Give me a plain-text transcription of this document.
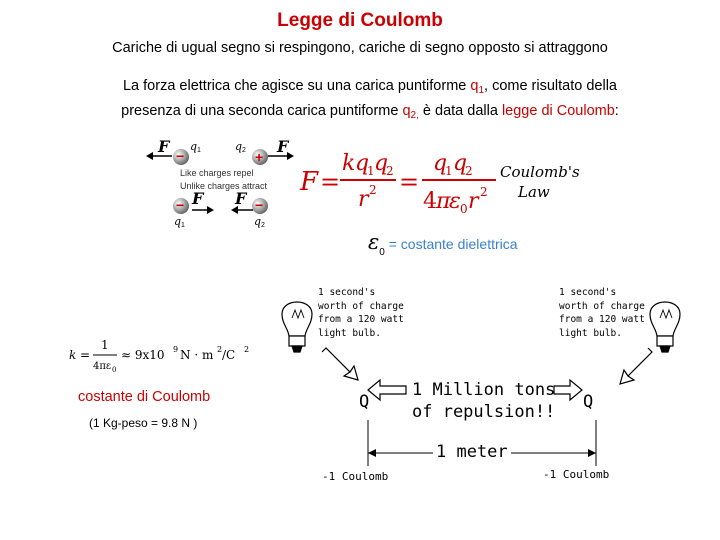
Legge di Coulomb
Cariche di ugual segno si respingono, cariche di segno opposto si attraggono
La forza elettrica che agisce su una carica puntiforme $q_1$, come risultato della
presenza di una seconda carica puntiforme $q_{2,}$ è data dalla legge di Coulomb:
F −
q 1	q 2 +
F
Like charges repel
Unlike charges attract
− F
q 1
F −
q 2
F =
k q
1 q
2
r 2 =
q
1 q
2
4 π
ε 0 r 2
Coulomb's
Law
$\varepsilon_0$ = costante dielettrica
k =
1
4πε 0
≈ 9x10 9 N · m 2 /C 2
costante di Coulomb
(1 Kg-peso = 9.8 N )
1 second's
worth of charge
from a 120 watt
light bulb.
1 second's
worth of charge
from a 120 watt
light bulb.
Q	Q
1 Million tons
of repulsion!!
1 meter
-1 Coulomb	-1 Coulomb
